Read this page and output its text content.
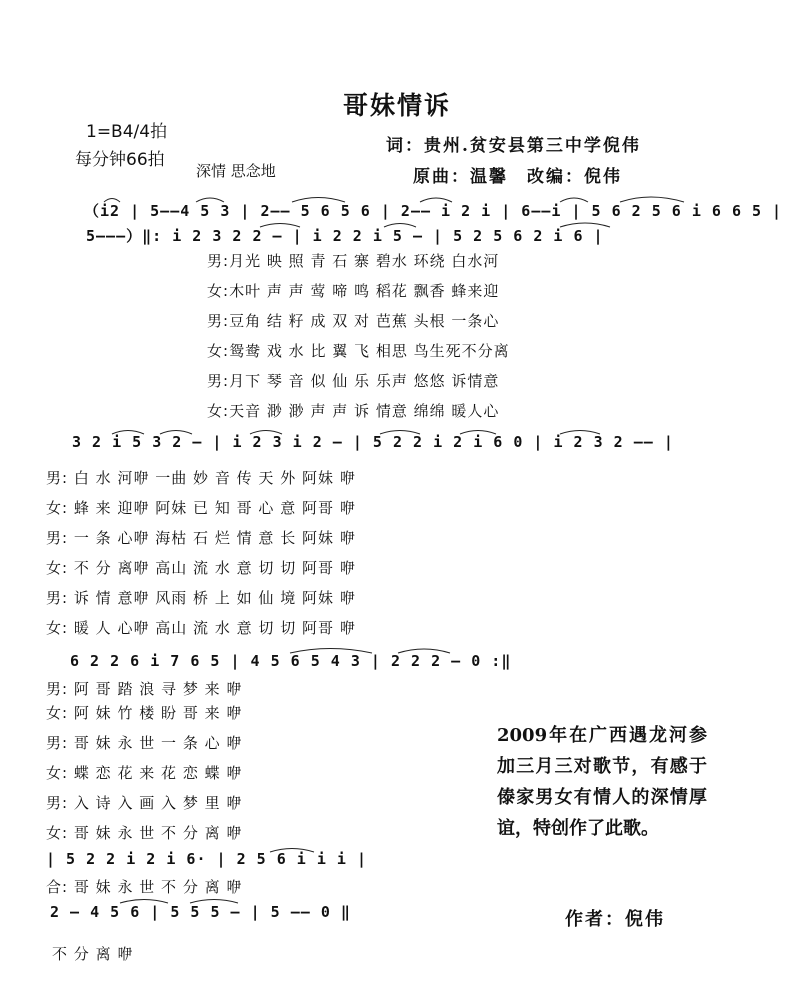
哥妹情诉
1=B4/4拍
每分钟66拍
深情 思念地
词：贵州.贫安县第三中学倪伟
原曲：温馨　改编：倪伟
（i2 | 5——4 5 3 | 2—— 5 6 5 6 | 2—— i 2 i | 6——i | 5 6 2 5 6 i 6 6 5 |
5———）‖: i 2 3 2 2 — | i 2 2 i 5 — | 5 2 5 6 2 i 6 |
3 2 i 5 3 2 — | i 2 3 i 2 — | 5 2 2 i 2 i 6 0 | i 2 3 2 —— |
6 2 2 6 i 7 6 5 | 4 5 6 5 4 3 | 2 2 2 — 0 :‖
| 5 2 2 i 2 i 6· | 2 5 6 i i i |
2 — 4 5 6 | 5 5 5 — | 5 —— 0 ‖
男:月光 映 照 青 石 寨 碧水 环绕 白水河
女:木叶 声 声 莺 啼 鸣 稻花 飘香 蜂来迎
男:豆角 结 籽 成 双 对 芭蕉 头根 一条心
女:鸳鸯 戏 水 比 翼 飞 相思 鸟生死不分离
男:月下 琴 音 似 仙 乐 乐声 悠悠 诉情意
女:天音 渺 渺 声 声 诉 情意 绵绵 暖人心
男: 白 水 河咿 一曲 妙 音 传 天 外 阿妹 咿
女: 蜂 来 迎咿 阿妹 已 知 哥 心 意 阿哥 咿
男: 一 条 心咿 海枯 石 烂 情 意 长 阿妹 咿
女: 不 分 离咿 高山 流 水 意 切 切 阿哥 咿
男: 诉 情 意咿 风雨 桥 上 如 仙 境 阿妹 咿
女: 暖 人 心咿 高山 流 水 意 切 切 阿哥 咿
男: 阿 哥 踏 浪 寻 梦 来 咿
女: 阿 妹 竹 楼 盼 哥 来 咿
男: 哥 妹 永 世 一 条 心 咿
女: 蝶 恋 花 来 花 恋 蝶 咿
男: 入 诗 入 画 入 梦 里 咿
女: 哥 妹 永 世 不 分 离 咿
合: 哥 妹 永 世 不 分 离 咿
不 分 离 咿
2009年在广西遇龙河参加三月三对歌节，有感于傣家男女有情人的深情厚谊，特创作了此歌。
作者：倪伟
